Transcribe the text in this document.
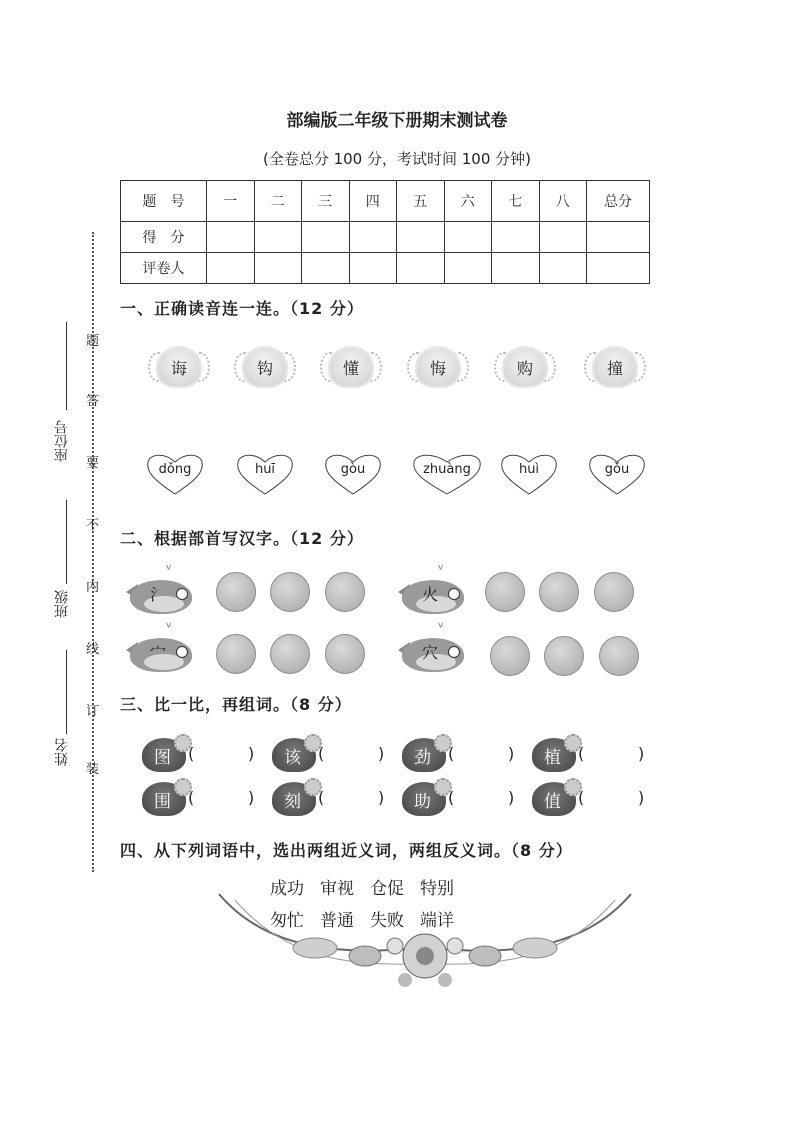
部编版二年级下册期末测试卷
(全卷总分 100 分，考试时间 100 分钟)
题　号	一	二	三	四	五	六	七	八	总分
得　分									
评卷人									
题
答
要
不
内
线
订
装
座位号
班级
姓名
一、正确读音连一连。（12 分）
诲	钩	懂	悔	购	撞
dǒng	huī	gòu	zhuàng	huì	gǒu
二、根据部首写汉字。（12 分）
ᵛ
氵
ᵛ
火
ᵛ
宀
ᵛ
穴
三、比一比，再组词。（8 分）
图 (	) 该 (	) 劲 (	) 植 (	)
围 (	) 刻 (	) 助 (	) 值 (	)
四、从下列词语中，选出两组近义词，两组反义词。（8 分）
成功 审视 仓促 特别
匆忙 普通 失败 端详
